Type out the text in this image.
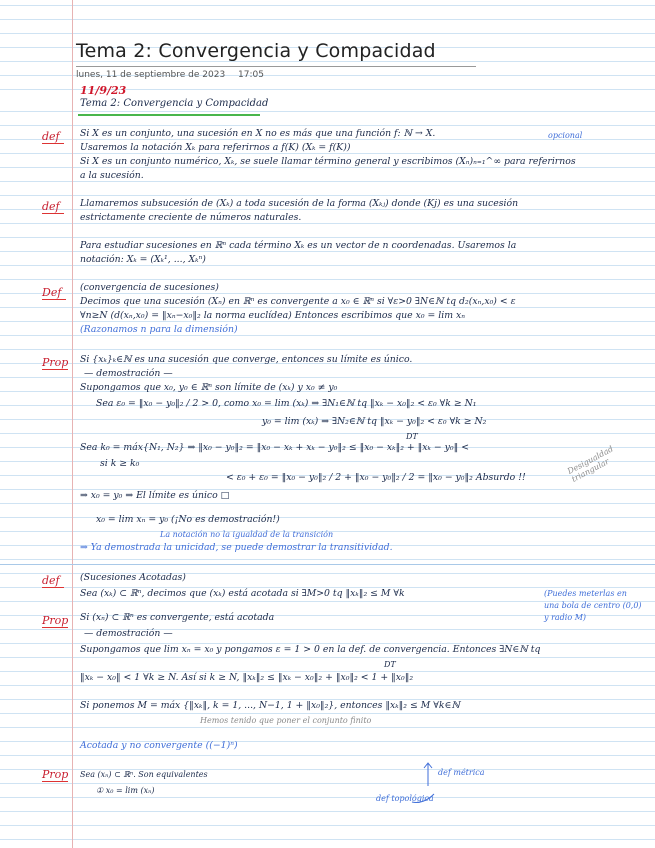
Tema 2: Convergencia y Compacidad
lunes, 11 de septiembre de 2023 17:05
11/9/23
Tema 2: Convergencia y Compacidad
def Si X es un conjunto, una sucesión en X no es más que una función f: ℕ → X.	opcional
Usaremos la notación Xₖ para referirnos a f(K) (Xₖ = f(K))
Si X es un conjunto numérico, Xₖ, se suele llamar término general y escribimos (Xₙ)ₙ₌₁^∞ para referirnos
a la sucesión.
def Llamaremos subsucesión de (Xₖ) a toda sucesión de la forma (Xₖⱼ) donde (Kj) es una sucesión
estrictamente creciente de números naturales.
Para estudiar sucesiones en ℝⁿ cada término Xₖ es un vector de n coordenadas. Usaremos la
notación: Xₖ = (Xₖ¹, ..., Xₖⁿ)
Def (convergencia de sucesiones)
Decimos que una sucesión (Xₙ) en ℝⁿ es convergente a x₀ ∈ ℝⁿ si ∀ε>0 ∃N∈ℕ tq d₂(xₙ,x₀) < ε
∀n≥N (d(xₙ,x₀) = ‖xₙ−x₀‖₂ la norma euclídea) Entonces escribimos que x₀ = lim xₙ
(Razonamos n para la dimensión)
Prop Si {xₖ}ₖ∈ℕ es una sucesión que converge, entonces su límite es único.
— demostración —
Supongamos que x₀, y₀ ∈ ℝⁿ son límite de (xₖ) y x₀ ≠ y₀
Sea ε₀ = ‖x₀ − y₀‖₂ / 2 > 0, como x₀ = lim (xₖ) ⇒ ∃N₁∈ℕ tq ‖xₖ − x₀‖₂ < ε₀ ∀k ≥ N₁
y₀ = lim (xₖ) ⇒ ∃N₂∈ℕ tq ‖xₖ − y₀‖₂ < ε₀ ∀k ≥ N₂
DT
Sea k₀ = máx{N₁, N₂} ⇒ ‖x₀ − y₀‖₂ = ‖x₀ − xₖ + xₖ − y₀‖₂ ≤ ‖x₀ − xₖ‖₂ + ‖xₖ − y₀‖ <
si k ≥ k₀
< ε₀ + ε₀ = ‖x₀ − y₀‖₂ / 2 + ‖x₀ − y₀‖₂ / 2 = ‖x₀ − y₀‖₂ Absurdo !!
Desigualdad triangular
⇒ x₀ = y₀ ⇒ El límite es único □
x₀ = lim xₙ = y₀ (¡No es demostración!)
La notación no la igualdad de la transición
⇒ Ya demostrada la unicidad, se puede demostrar la transitividad.
def (Sucesiones Acotadas)
Sea (xₖ) ⊂ ℝⁿ, decimos que (xₖ) está acotada si ∃M>0 tq ‖xₖ‖₂ ≤ M ∀k	(Puedes meterlas en una bola de centro (0,0) y radio M)
Prop Si (xₙ) ⊂ ℝⁿ es convergente, está acotada
— demostración —
Supongamos que lim xₙ = x₀ y pongamos ε = 1 > 0 en la def. de convergencia. Entonces ∃N∈ℕ tq
DT
‖xₖ − x₀‖ < 1 ∀k ≥ N. Así si k ≥ N, ‖xₖ‖₂ ≤ ‖xₖ − x₀‖₂ + ‖x₀‖₂ < 1 + ‖x₀‖₂
Si ponemos M = máx {‖xₖ‖, k = 1, ..., N−1, 1 + ‖x₀‖₂}, entonces ‖xₖ‖₂ ≤ M ∀k∈ℕ
Hemos tenido que poner el conjunto finito
Acotada y no convergente ((−1)ⁿ)
Prop Sea (xₙ) ⊂ ℝⁿ. Son equivalentes
① x₀ = lim (xₙ)
def métrica
def topológica
